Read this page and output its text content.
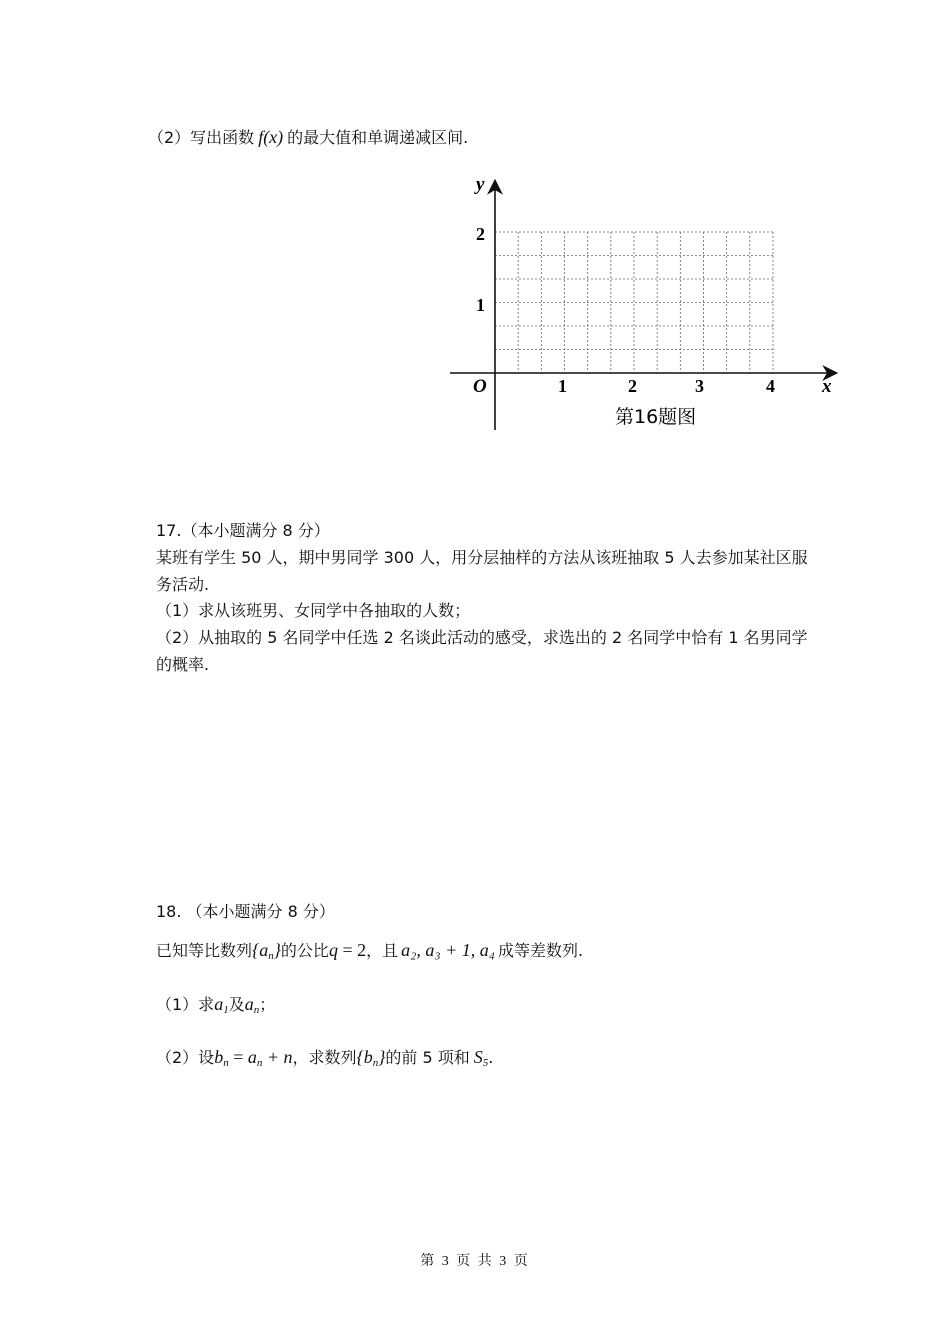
（2）写出函数 f(x) 的最大值和单调递减区间.
y
x
O
2
1
1	2	3	4
第16题图
17.（本小题满分 8 分）
某班有学生 50 人，期中男同学 300 人，用分层抽样的方法从该班抽取 5 人去参加某社区服
务活动.
（1）求从该班男、女同学中各抽取的人数；
（2）从抽取的 5 名同学中任选 2 名谈此活动的感受，求选出的 2 名同学中恰有 1 名男同学
的概率.
18. （本小题满分 8 分）
已知等比数列$\{a_n\}$的公比q = 2，且 a₂, a₃ + 1, a₄ 成等差数列.
（1）求$a_1$及$a_n$；
（2）设$b_n = a_n + n$，求数列$\{b_n\}$的前 5 项和 $S_5$.
第 3 页 共 3 页
